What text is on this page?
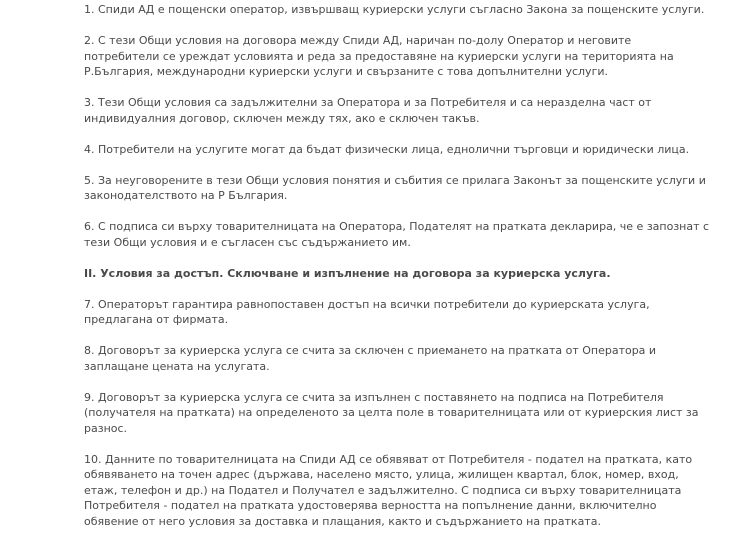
1. Спиди АД е пощенски оператор, извършващ куриерски услуги съгласно Закона за пощенските услуги.
2. С тези Общи условия на договора между Спиди АД, наричан по-долу Оператор и неговите
потребители се уреждат условията и реда за предоставяне на куриерски услуги на територията на
Р.България, международни куриерски услуги и свързаните с това допълнителни услуги.
3. Тези Общи условия са задължителни за Оператора и за Потребителя и са неразделна част от
индивидуалния договор, сключен между тях, ако е сключен такъв.
4. Потребители на услугите могат да бъдат физически лица, еднолични търговци и юридически лица.
5. За неуговорените в тези Общи условия понятия и събития се прилага Законът за пощенските услуги и
законодателството на Р България.
6. С подписа си върху товарителницата на Оператора, Подателят на пратката декларира, че е запознат с
тези Общи условия и е съгласен със съдържанието им.
II. Условия за достъп. Сключване и изпълнение на договора за куриерска услуга.
7. Операторът гарантира равнопоставен достъп на всички потребители до куриерската услуга,
предлагана от фирмата.
8. Договорът за куриерска услуга се счита за сключен с приемането на пратката от Оператора и
заплащане цената на услугата.
9. Договорът за куриерска услуга се счита за изпълнен с поставянето на подписа на Потребителя
(получателя на пратката) на определеното за целта поле в товарителницата или от куриерския лист за
разнос.
10. Данните по товарителницата на Спиди АД се обявяват от Потребителя - подател на пратката, като
обявяването на точен адрес (държава, населено място, улица, жилищен квартал, блок, номер, вход,
етаж, телефон и др.) на Подател и Получател е задължително. С подписа си върху товарителницата
Потребителя - подател на пратката удостоверява верността на попълнение данни, включително
обявение от него условия за доставка и плащания, както и съдържанието на пратката.
